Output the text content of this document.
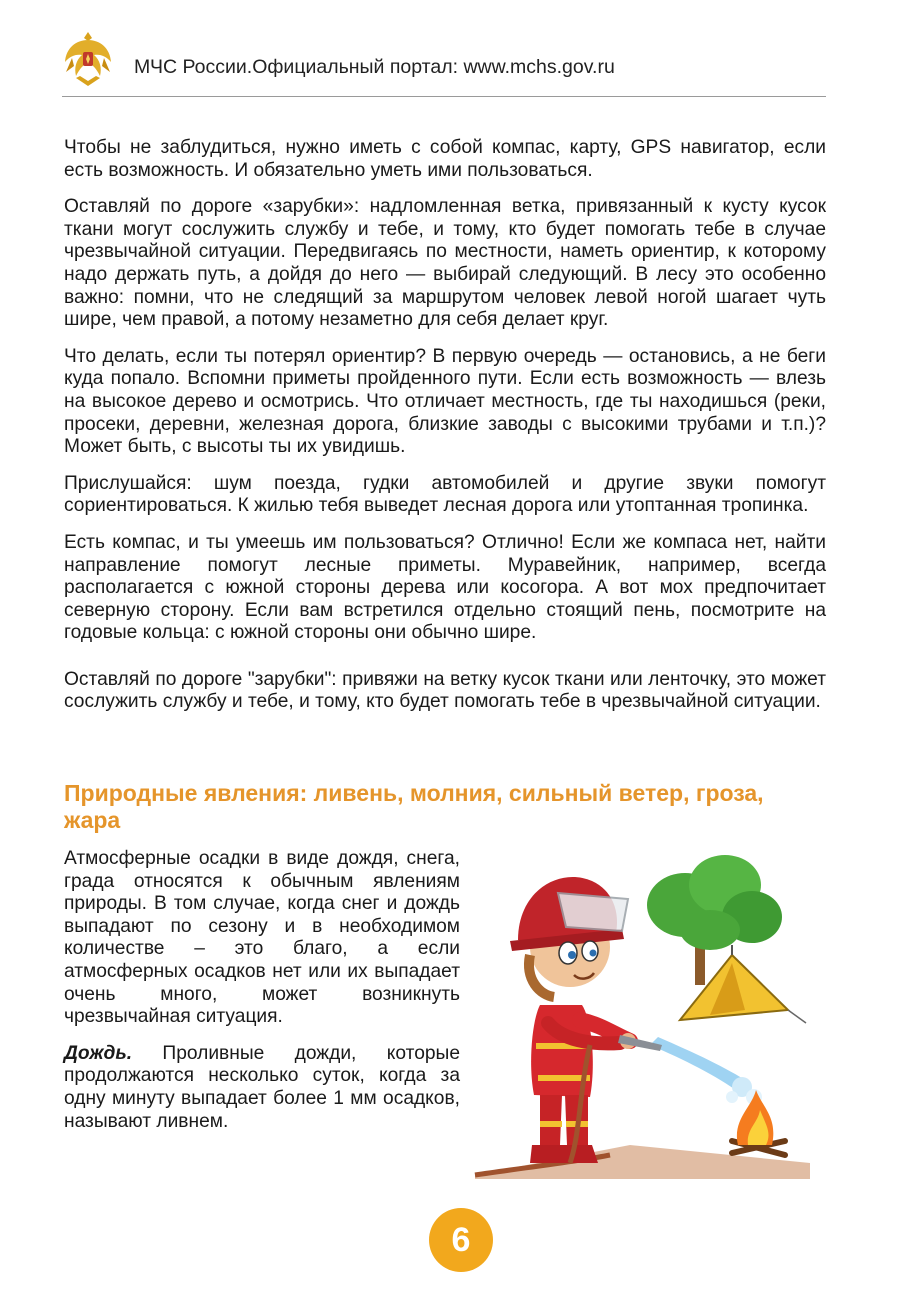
МЧС России.Официальный портал: www.mchs.gov.ru

Чтобы не заблудиться, нужно иметь с собой компас, карту, GPS навигатор, если есть возможность. И обязательно уметь ими пользоваться.

Оставляй по дороге «зарубки»: надломленная ветка, привязанный к кусту кусок ткани могут сослужить службу и тебе, и тому, кто будет помогать тебе в случае чрезвычайной ситуации. Передвигаясь по местности, наметь ориентир, к которому надо держать путь, а дойдя до него — выбирай следующий. В лесу это особенно важно: помни, что не следящий за маршрутом человек левой ногой шагает чуть шире, чем правой, а потому незаметно для себя делает круг.

Что делать, если ты потерял ориентир? В первую очередь — остановись, а не беги куда попало. Вспомни приметы пройденного пути. Если есть возможность — влезь на высокое дерево и осмотрись. Что отличает местность, где ты находишься (реки, просеки, деревни, железная дорога, близкие заводы с высокими трубами и т.п.)? Может быть, с высоты ты их увидишь.

Прислушайся: шум поезда, гудки автомобилей и другие звуки помогут сориентироваться. К жилью тебя выведет лесная дорога или утоптанная тропинка.

Есть компас, и ты умеешь им пользоваться? Отлично! Если же компаса нет, найти направление помогут лесные приметы. Муравейник, например, всегда располагается с южной стороны дерева или косогора. А вот мох предпочитает северную сторону. Если вам встретился отдельно стоящий пень, посмотрите на годовые кольца: с южной стороны они обычно шире.

Оставляй по дороге "зарубки": привяжи на ветку кусок ткани или ленточку, это может сослужить службу и тебе, и тому, кто будет помогать тебе в чрезвычайной ситуации.

Природные явления: ливень, молния, сильный ветер, гроза, жара

Атмосферные осадки в виде дождя, снега, града относятся к обычным явлениям природы. В том случае, когда снег и дождь выпадают по сезону и в необходимом количестве – это благо, а если атмосферных осадков нет или их выпадает очень много, может возникнуть чрезвычайная ситуация.

Дождь. Проливные дожди, которые продолжаются несколько суток, когда за одну минуту выпадает более 1 мм осадков, называют ливнем.

6
